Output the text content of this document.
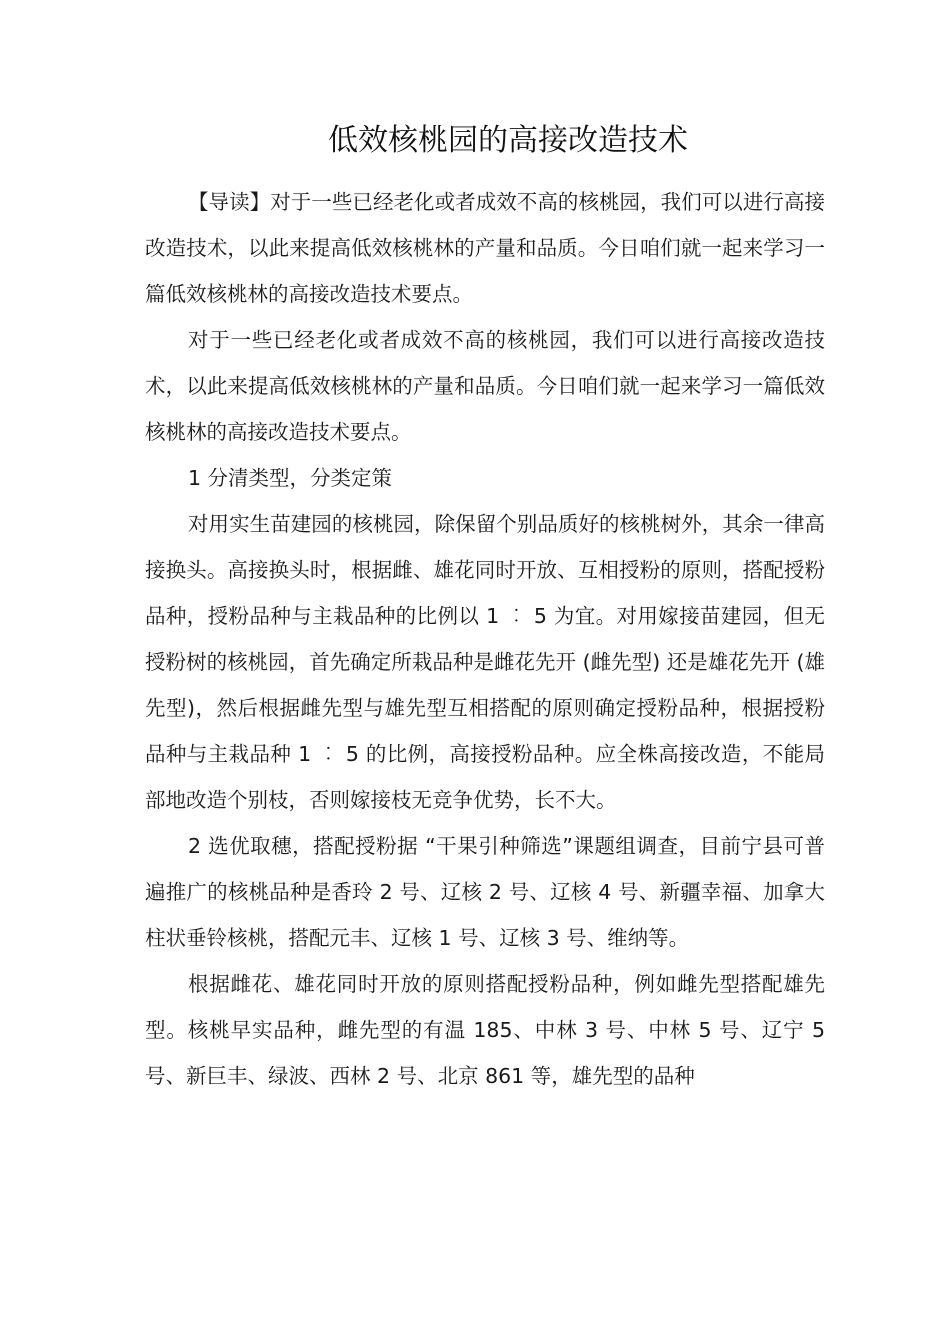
低效核桃园的高接改造技术

【导读】对于一些已经老化或者成效不高的核桃园，我们可以进行高接改造技术，以此来提高低效核桃林的产量和品质。今日咱们就一起来学习一篇低效核桃林的高接改造技术要点。

对于一些已经老化或者成效不高的核桃园，我们可以进行高接改造技术，以此来提高低效核桃林的产量和品质。今日咱们就一起来学习一篇低效核桃林的高接改造技术要点。

1 分清类型，分类定策

对用实生苗建园的核桃园，除保留个别品质好的核桃树外，其余一律高接换头。高接换头时，根据雌、雄花同时开放、互相授粉的原则，搭配授粉品种，授粉品种与主栽品种的比例以 1 ︰ 5 为宜。对用嫁接苗建园，但无授粉树的核桃园，首先确定所栽品种是雌花先开 (雌先型) 还是雄花先开 (雄先型)，然后根据雌先型与雄先型互相搭配的原则确定授粉品种，根据授粉品种与主栽品种 1 ︰ 5 的比例，高接授粉品种。应全株高接改造，不能局部地改造个别枝，否则嫁接枝无竞争优势，长不大。

2 选优取穗，搭配授粉据 “干果引种筛选”课题组调查，目前宁县可普遍推广的核桃品种是香玲 2 号、辽核 2 号、辽核 4 号、新疆幸福、加拿大柱状垂铃核桃，搭配元丰、辽核 1 号、辽核 3 号、维纳等。

根据雌花、雄花同时开放的原则搭配授粉品种，例如雌先型搭配雄先型。核桃早实品种，雌先型的有温 185、中林 3 号、中林 5 号、辽宁 5 号、新巨丰、绿波、西林 2 号、北京 861 等，雄先型的品种
